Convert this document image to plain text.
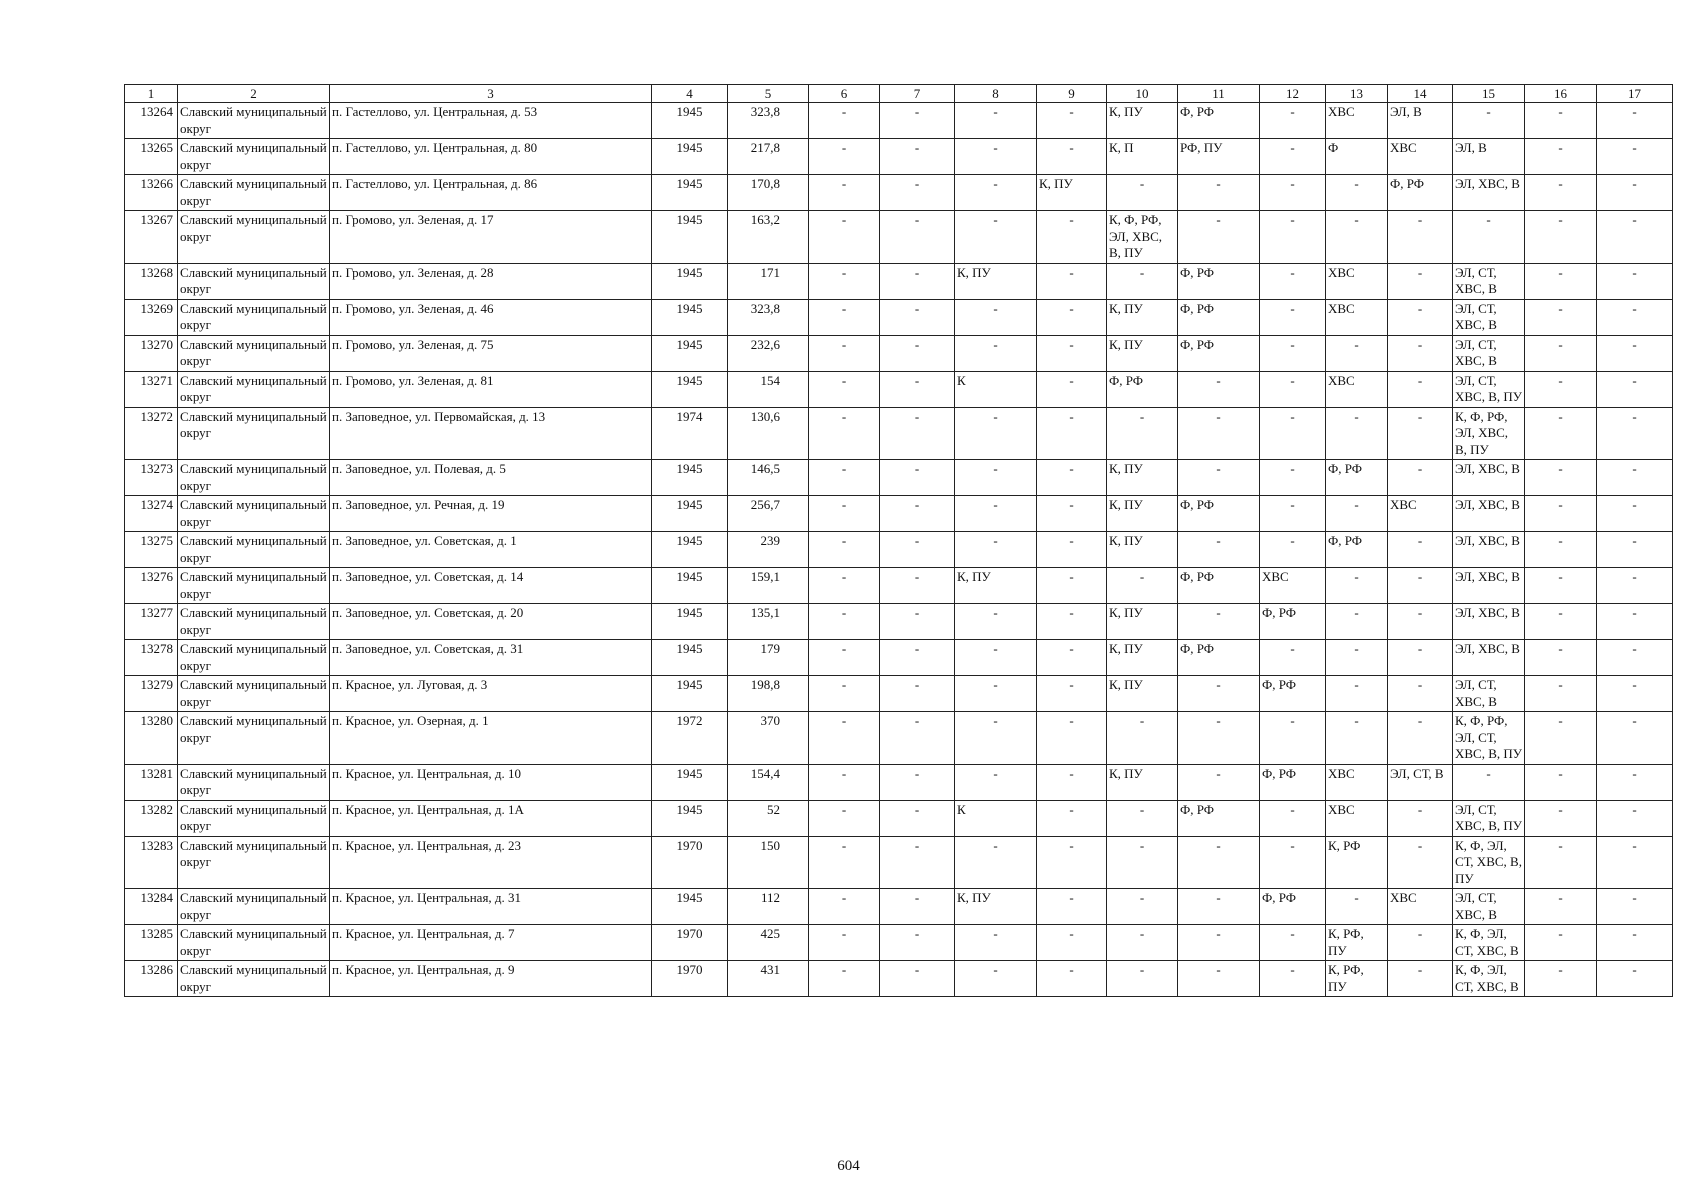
1	2	3	4	5	6	7	8	9	10	11	12	13	14	15	16	17
13264	Славский муниципальный округ	п. Гастеллово, ул. Центральная, д. 53	1945	323,8	-	-	-	-	К, ПУ	Ф, РФ	-	ХВС	ЭЛ, В	-	-	-
13265	Славский муниципальный округ	п. Гастеллово, ул. Центральная, д. 80	1945	217,8	-	-	-	-	К, П	РФ, ПУ	-	Ф	ХВС	ЭЛ, В	-	-
13266	Славский муниципальный округ	п. Гастеллово, ул. Центральная, д. 86	1945	170,8	-	-	-	К, ПУ	-	-	-	-	Ф, РФ	ЭЛ, ХВС, В	-	-
13267	Славский муниципальный округ	п. Громово, ул. Зеленая, д. 17	1945	163,2	-	-	-	-	К, Ф, РФ, ЭЛ, ХВС, В, ПУ	-	-	-	-	-	-	-
13268	Славский муниципальный округ	п. Громово, ул. Зеленая, д. 28	1945	171	-	-	К, ПУ	-	-	Ф, РФ	-	ХВС	-	ЭЛ, СТ, ХВС, В	-	-
13269	Славский муниципальный округ	п. Громово, ул. Зеленая, д. 46	1945	323,8	-	-	-	-	К, ПУ	Ф, РФ	-	ХВС	-	ЭЛ, СТ, ХВС, В	-	-
13270	Славский муниципальный округ	п. Громово, ул. Зеленая, д. 75	1945	232,6	-	-	-	-	К, ПУ	Ф, РФ	-	-	-	ЭЛ, СТ, ХВС, В	-	-
13271	Славский муниципальный округ	п. Громово, ул. Зеленая, д. 81	1945	154	-	-	К	-	Ф, РФ	-	-	ХВС	-	ЭЛ, СТ, ХВС, В, ПУ	-	-
13272	Славский муниципальный округ	п. Заповедное, ул. Первомайская, д. 13	1974	130,6	-	-	-	-	-	-	-	-	-	К, Ф, РФ, ЭЛ, ХВС, В, ПУ	-	-
13273	Славский муниципальный округ	п. Заповедное, ул. Полевая, д. 5	1945	146,5	-	-	-	-	К, ПУ	-	-	Ф, РФ	-	ЭЛ, ХВС, В	-	-
13274	Славский муниципальный округ	п. Заповедное, ул. Речная, д. 19	1945	256,7	-	-	-	-	К, ПУ	Ф, РФ	-	-	ХВС	ЭЛ, ХВС, В	-	-
13275	Славский муниципальный округ	п. Заповедное, ул. Советская, д. 1	1945	239	-	-	-	-	К, ПУ	-	-	Ф, РФ	-	ЭЛ, ХВС, В	-	-
13276	Славский муниципальный округ	п. Заповедное, ул. Советская, д. 14	1945	159,1	-	-	К, ПУ	-	-	Ф, РФ	ХВС	-	-	ЭЛ, ХВС, В	-	-
13277	Славский муниципальный округ	п. Заповедное, ул. Советская, д. 20	1945	135,1	-	-	-	-	К, ПУ	-	Ф, РФ	-	-	ЭЛ, ХВС, В	-	-
13278	Славский муниципальный округ	п. Заповедное, ул. Советская, д. 31	1945	179	-	-	-	-	К, ПУ	Ф, РФ	-	-	-	ЭЛ, ХВС, В	-	-
13279	Славский муниципальный округ	п. Красное, ул. Луговая, д. 3	1945	198,8	-	-	-	-	К, ПУ	-	Ф, РФ	-	-	ЭЛ, СТ, ХВС, В	-	-
13280	Славский муниципальный округ	п. Красное, ул. Озерная, д. 1	1972	370	-	-	-	-	-	-	-	-	-	К, Ф, РФ, ЭЛ, СТ, ХВС, В, ПУ	-	-
13281	Славский муниципальный округ	п. Красное, ул. Центральная, д. 10	1945	154,4	-	-	-	-	К, ПУ	-	Ф, РФ	ХВС	ЭЛ, СТ, В	-	-	-
13282	Славский муниципальный округ	п. Красное, ул. Центральная, д. 1А	1945	52	-	-	К	-	-	Ф, РФ	-	ХВС	-	ЭЛ, СТ, ХВС, В, ПУ	-	-
13283	Славский муниципальный округ	п. Красное, ул. Центральная, д. 23	1970	150	-	-	-	-	-	-	-	К, РФ	-	К, Ф, ЭЛ, СТ, ХВС, В, ПУ	-	-
13284	Славский муниципальный округ	п. Красное, ул. Центральная, д. 31	1945	112	-	-	К, ПУ	-	-	-	Ф, РФ	-	ХВС	ЭЛ, СТ, ХВС, В	-	-
13285	Славский муниципальный округ	п. Красное, ул. Центральная, д. 7	1970	425	-	-	-	-	-	-	-	К, РФ, ПУ	-	К, Ф, ЭЛ, СТ, ХВС, В	-	-
13286	Славский муниципальный округ	п. Красное, ул. Центральная, д. 9	1970	431	-	-	-	-	-	-	-	К, РФ, ПУ	-	К, Ф, ЭЛ, СТ, ХВС, В	-	-
604
